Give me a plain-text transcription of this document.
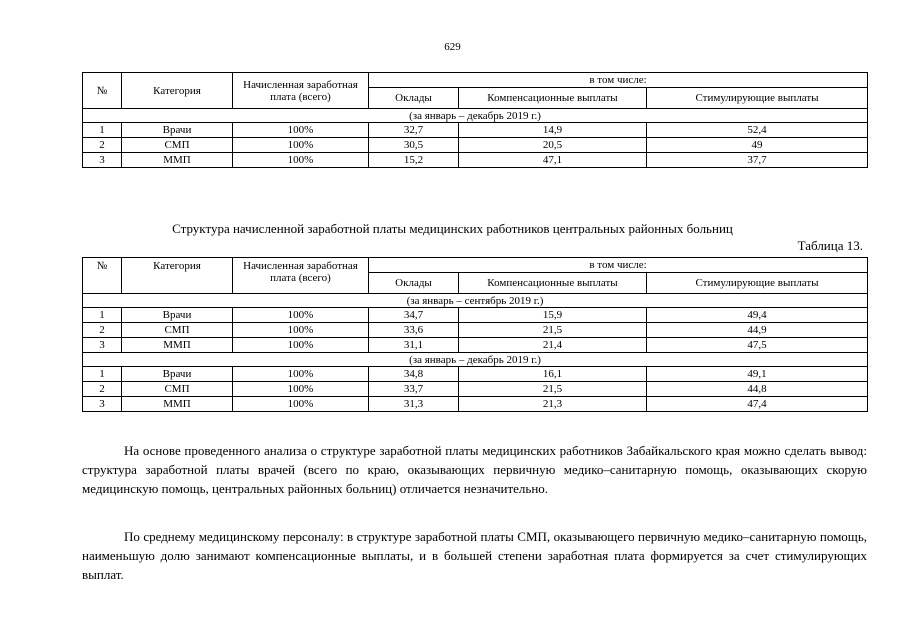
629
№	Категория	Начисленная заработная плата (всего)	в том числе:		
			Оклады	Компенсационные выплаты	Стимулирующие выплаты
(за январь – декабрь 2019 г.)					
1	Врачи	100%	32,7	14,9	52,4
2	СМП	100%	30,5	20,5	49
3	ММП	100%	15,2	47,1	37,7
Структура начисленной заработной платы медицинских работников центральных районных больниц
Таблица 13.
№	Категория	Начисленная заработная плата (всего)	в том числе:		
			Оклады	Компенсационные выплаты	Стимулирующие выплаты
(за январь – сентябрь 2019 г.)					
1	Врачи	100%	34,7	15,9	49,4
2	СМП	100%	33,6	21,5	44,9
3	ММП	100%	31,1	21,4	47,5
(за январь – декабрь 2019 г.)					
1	Врачи	100%	34,8	16,1	49,1
2	СМП	100%	33,7	21,5	44,8
3	ММП	100%	31,3	21,3	47,4

На основе проведенного анализа о структуре заработной платы медицинских работников Забайкальского края можно сделать вывод: структура заработной платы врачей (всего по краю, оказывающих первичную медико–санитарную помощь, оказывающих скорую медицинскую помощь, центральных районных больниц) отличается незначительно.

По среднему медицинскому персоналу: в структуре заработной платы СМП, оказывающего первичную медико–санитарную помощь, наименьшую долю занимают компенсационные выплаты, и в большей степени заработная плата формируется за счет стимулирующих выплат.
